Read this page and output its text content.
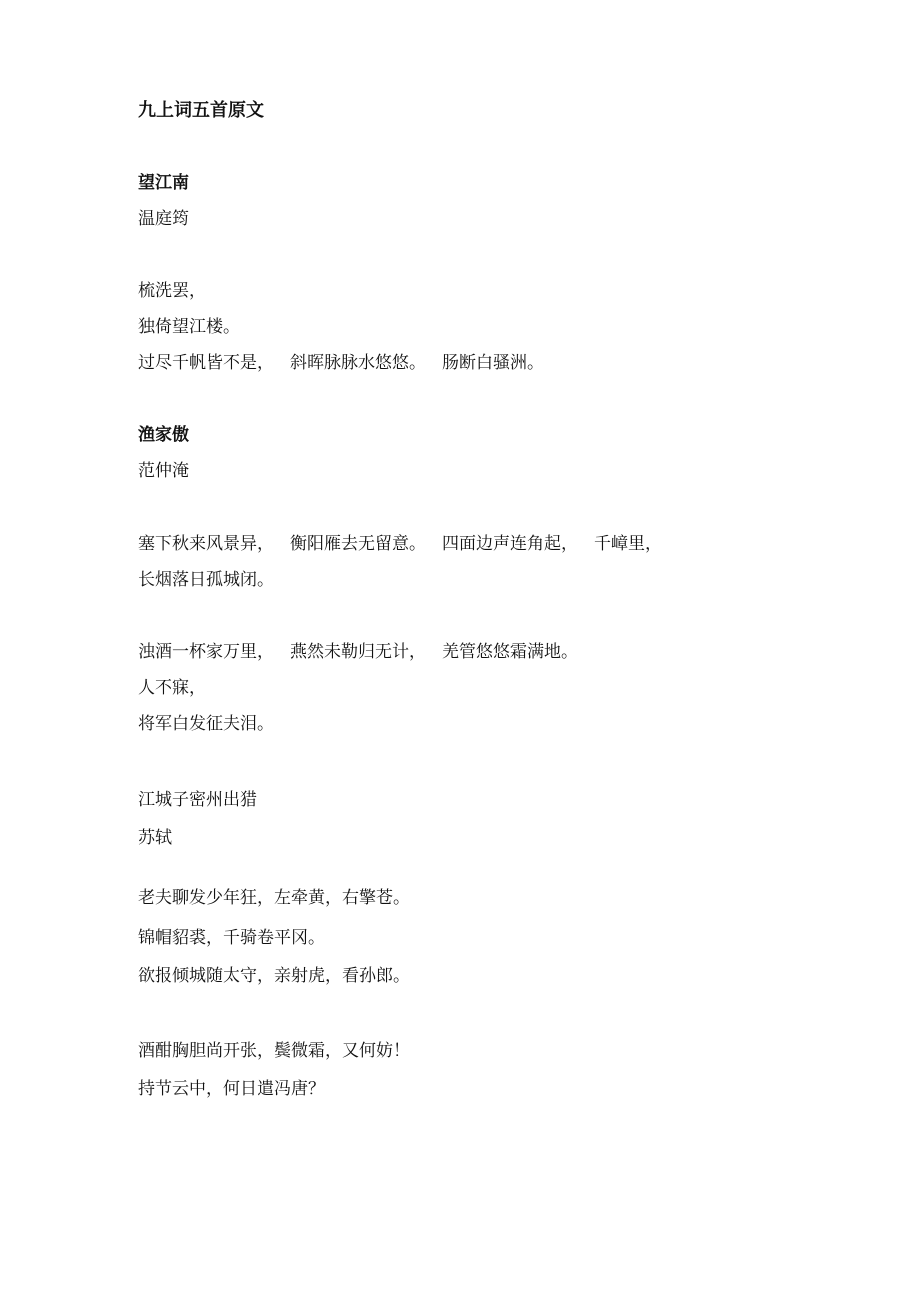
九上词五首原文
望江南
温庭筠
梳洗罢，
独倚望江楼。
过尽千帆皆不是， 斜晖脉脉水悠悠。 肠断白骚洲。
渔家傲
范仲淹
塞下秋来风景异， 衡阳雁去无留意。 四面边声连角起， 千嶂里，
长烟落日孤城闭。
浊酒一杯家万里， 燕然未勒归无计， 羌管悠悠霜满地。
人不寐，
将军白发征夫泪。
江城子密州出猎
苏轼
老夫聊发少年狂，左牵黄，右擎苍。
锦帽貂裘，千骑卷平冈。
欲报倾城随太守，亲射虎，看孙郎。
酒酣胸胆尚开张，鬓微霜，又何妨！
持节云中，何日遣冯唐？
